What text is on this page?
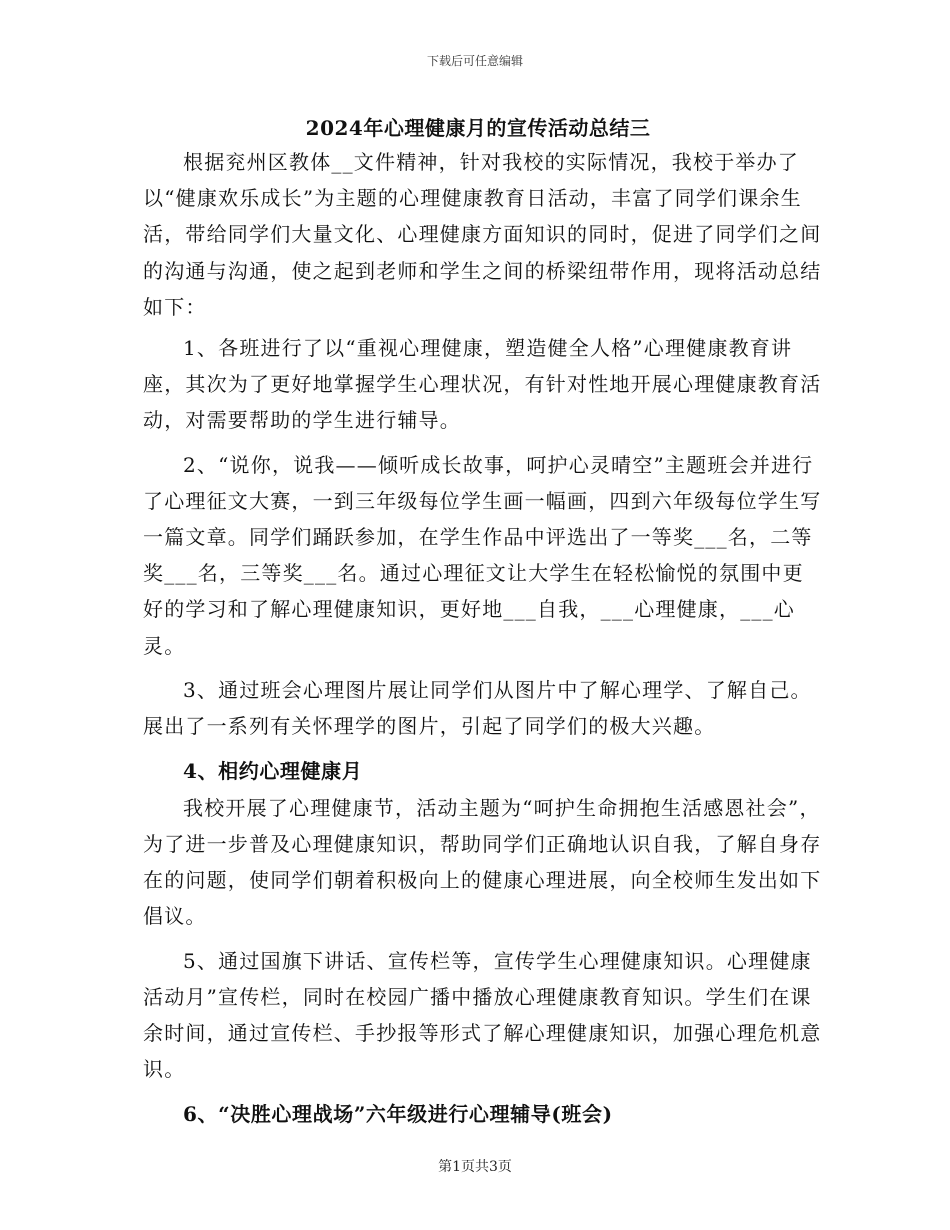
下载后可任意编辑
2024年心理健康月的宣传活动总结三

根据兖州区教体__文件精神，针对我校的实际情况，我校于举办了以“健康欢乐成长”为主题的心理健康教育日活动，丰富了同学们课余生活，带给同学们大量文化、心理健康方面知识的同时，促进了同学们之间的沟通与沟通，使之起到老师和学生之间的桥梁纽带作用，现将活动总结如下：

1、各班进行了以“重视心理健康，塑造健全人格”心理健康教育讲座，其次为了更好地掌握学生心理状况，有针对性地开展心理健康教育活动，对需要帮助的学生进行辅导。

2、“说你，说我——倾听成长故事，呵护心灵晴空”主题班会并进行了心理征文大赛，一到三年级每位学生画一幅画，四到六年级每位学生写一篇文章。同学们踊跃参加，在学生作品中评选出了一等奖___名，二等奖___名，三等奖___名。通过心理征文让大学生在轻松愉悦的氛围中更好的学习和了解心理健康知识，更好地___自我，___心理健康，___心灵。

3、通过班会心理图片展让同学们从图片中了解心理学、了解自己。展出了一系列有关怀理学的图片，引起了同学们的极大兴趣。

4、相约心理健康月

我校开展了心理健康节，活动主题为“呵护生命拥抱生活感恩社会”，为了进一步普及心理健康知识，帮助同学们正确地认识自我，了解自身存在的问题，使同学们朝着积极向上的健康心理进展，向全校师生发出如下倡议。

5、通过国旗下讲话、宣传栏等，宣传学生心理健康知识。心理健康活动月”宣传栏，同时在校园广播中播放心理健康教育知识。学生们在课余时间，通过宣传栏、手抄报等形式了解心理健康知识，加强心理危机意识。

6、“决胜心理战场”六年级进行心理辅导(班会)

第1页共3页
